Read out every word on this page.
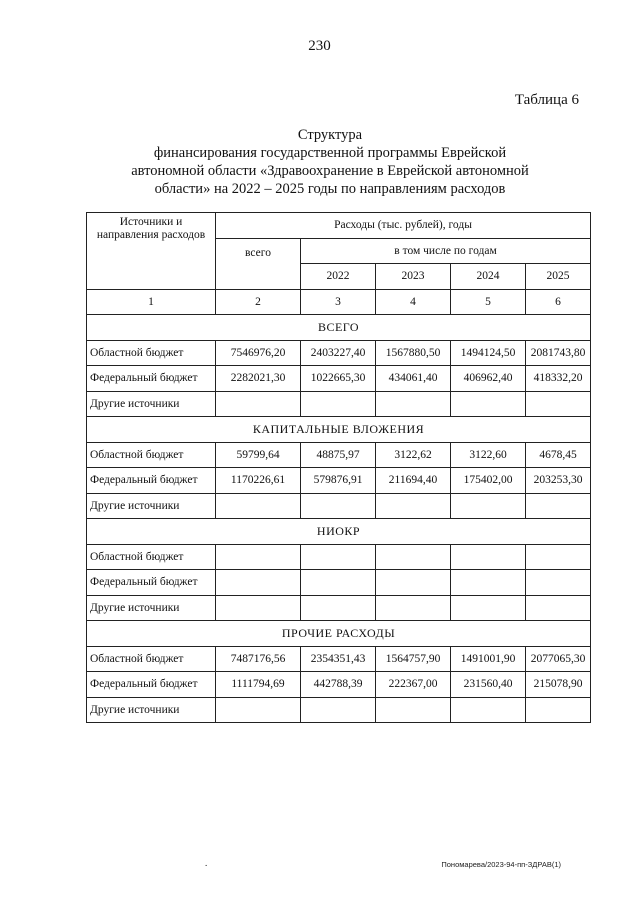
230
Таблица 6
Структура
финансирования государственной программы Еврейской
автономной области «Здравоохранение в Еврейской автономной
области» на 2022 – 2025 годы по направлениям расходов
Источники и направления расходов	Расходы (тыс. рублей), годы				
	всего	в том числе по годам			
		2022	2023	2024	2025
1	2	3	4	5	6
ВСЕГО					
Областной бюджет	7546976,20	2403227,40	1567880,50	1494124,50	2081743,80
Федеральный бюджет	2282021,30	1022665,30	434061,40	406962,40	418332,20
Другие источники					
КАПИТАЛЬНЫЕ ВЛОЖЕНИЯ					
Областной бюджет	59799,64	48875,97	3122,62	3122,60	4678,45
Федеральный бюджет	1170226,61	579876,91	211694,40	175402,00	203253,30
Другие источники					
НИОКР					
Областной бюджет					
Федеральный бюджет					
Другие источники					
ПРОЧИЕ РАСХОДЫ					
Областной бюджет	7487176,56	2354351,43	1564757,90	1491001,90	2077065,30
Федеральный бюджет	1111794,69	442788,39	222367,00	231560,40	215078,90
Другие источники					
.	Пономарева/2023-94-пп-ЗДРАВ(1)
